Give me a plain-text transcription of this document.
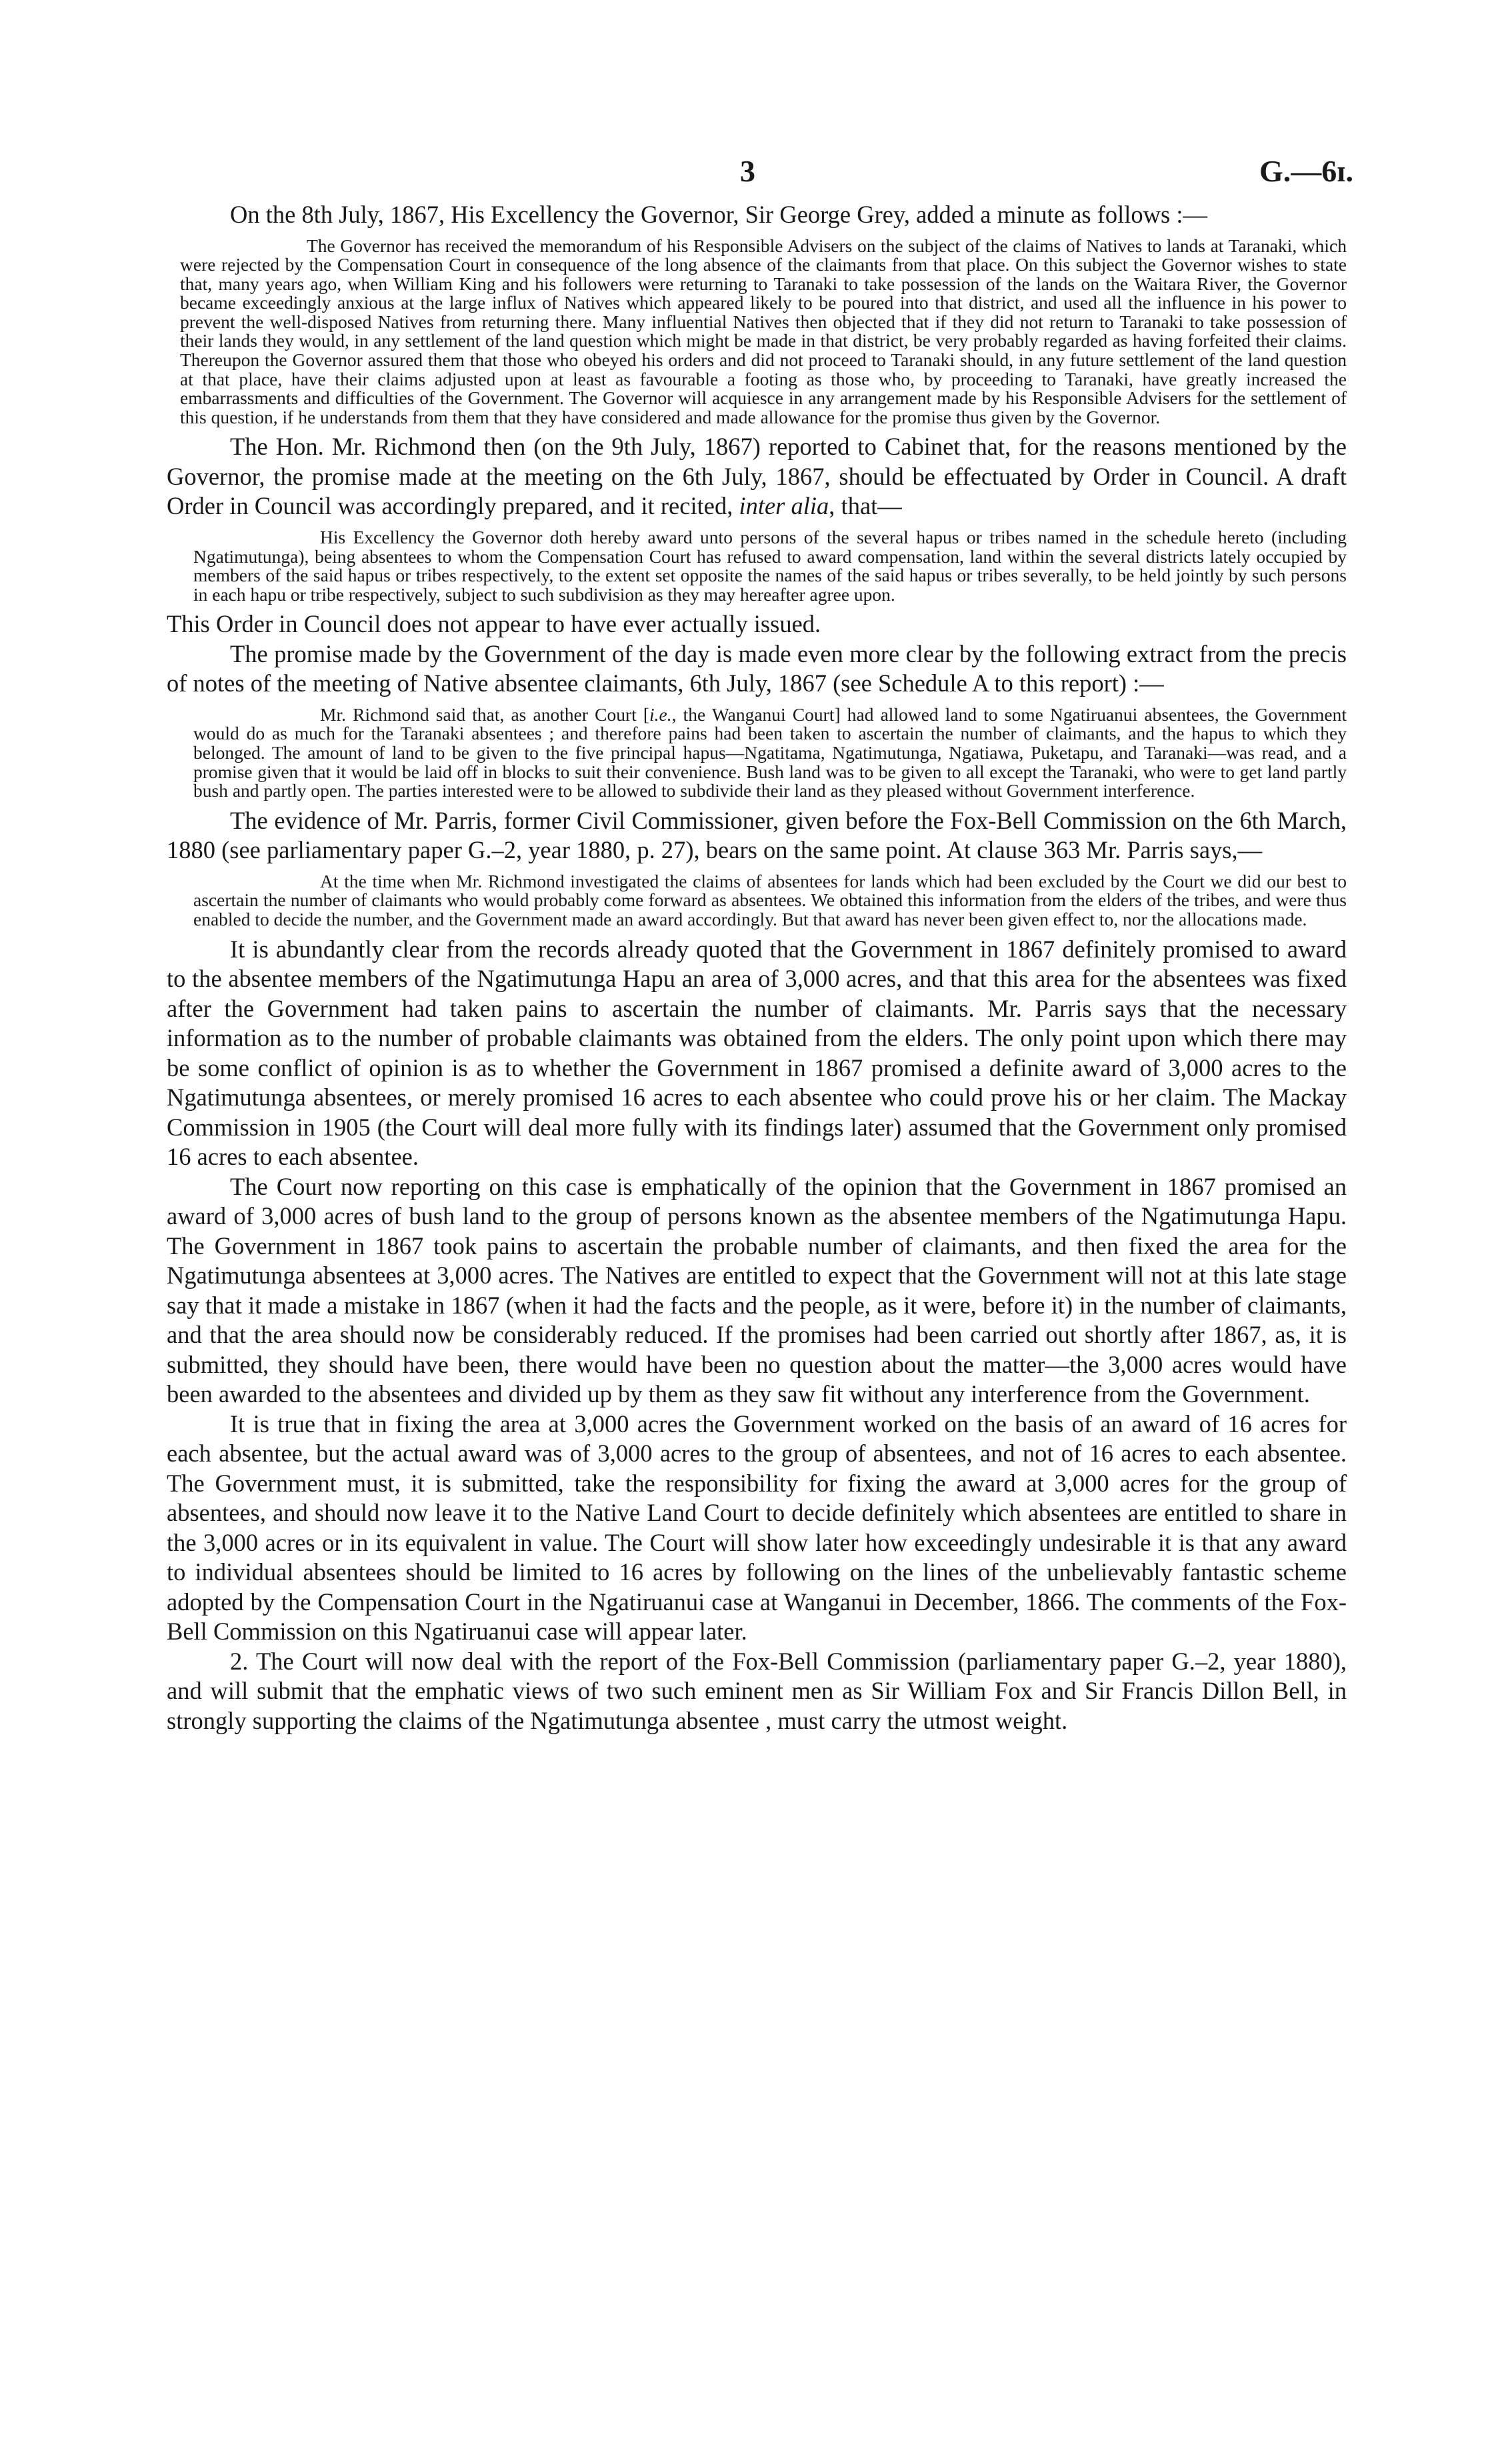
3	G.—6ɪ.

On the 8th July, 1867, His Excellency the Governor, Sir George Grey, added a minute as follows :—

The Governor has received the memorandum of his Responsible Advisers on the subject of the claims of Natives to lands at Taranaki, which were rejected by the Compensation Court in consequence of the long absence of the claimants from that place. On this subject the Governor wishes to state that, many years ago, when William King and his followers were returning to Taranaki to take possession of the lands on the Waitara River, the Governor became exceedingly anxious at the large influx of Natives which appeared likely to be poured into that district, and used all the influence in his power to prevent the well-disposed Natives from returning there. Many influential Natives then objected that if they did not return to Taranaki to take possession of their lands they would, in any settlement of the land question which might be made in that district, be very probably regarded as having forfeited their claims. Thereupon the Governor assured them that those who obeyed his orders and did not proceed to Taranaki should, in any future settlement of the land question at that place, have their claims adjusted upon at least as favourable a footing as those who, by proceeding to Taranaki, have greatly increased the embarrassments and difficulties of the Government. The Governor will acquiesce in any arrangement made by his Responsible Advisers for the settlement of this question, if he understands from them that they have considered and made allowance for the promise thus given by the Governor.

The Hon. Mr. Richmond then (on the 9th July, 1867) reported to Cabinet that, for the reasons mentioned by the Governor, the promise made at the meeting on the 6th July, 1867, should be effectuated by Order in Council. A draft Order in Council was accordingly prepared, and it recited, inter alia, that—

His Excellency the Governor doth hereby award unto persons of the several hapus or tribes named in the schedule hereto (including Ngatimutunga), being absentees to whom the Compensation Court has refused to award compensation, land within the several districts lately occupied by members of the said hapus or tribes respectively, to the extent set opposite the names of the said hapus or tribes severally, to be held jointly by such persons in each hapu or tribe respectively, subject to such subdivision as they may hereafter agree upon.

This Order in Council does not appear to have ever actually issued.

The promise made by the Government of the day is made even more clear by the following extract from the precis of notes of the meeting of Native absentee claimants, 6th July, 1867 (see Schedule A to this report) :—

Mr. Richmond said that, as another Court [i.e., the Wanganui Court] had allowed land to some Ngatiruanui absentees, the Government would do as much for the Taranaki absentees ; and therefore pains had been taken to ascertain the number of claimants, and the hapus to which they belonged. The amount of land to be given to the five principal hapus—Ngatitama, Ngatimutunga, Ngatiawa, Puketapu, and Taranaki—was read, and a promise given that it would be laid off in blocks to suit their convenience. Bush land was to be given to all except the Taranaki, who were to get land partly bush and partly open. The parties interested were to be allowed to subdivide their land as they pleased without Government interference.

The evidence of Mr. Parris, former Civil Commissioner, given before the Fox-Bell Commission on the 6th March, 1880 (see parliamentary paper G.–2, year 1880, p. 27), bears on the same point. At clause 363 Mr. Parris says,—

At the time when Mr. Richmond investigated the claims of absentees for lands which had been excluded by the Court we did our best to ascertain the number of claimants who would probably come forward as absentees. We obtained this information from the elders of the tribes, and were thus enabled to decide the number, and the Government made an award accordingly. But that award has never been given effect to, nor the allocations made.

It is abundantly clear from the records already quoted that the Government in 1867 definitely promised to award to the absentee members of the Ngatimutunga Hapu an area of 3,000 acres, and that this area for the absentees was fixed after the Government had taken pains to ascertain the number of claimants. Mr. Parris says that the necessary information as to the number of probable claimants was obtained from the elders. The only point upon which there may be some conflict of opinion is as to whether the Government in 1867 promised a definite award of 3,000 acres to the Ngatimutunga absentees, or merely promised 16 acres to each absentee who could prove his or her claim. The Mackay Commission in 1905 (the Court will deal more fully with its findings later) assumed that the Government only promised 16 acres to each absentee.

The Court now reporting on this case is emphatically of the opinion that the Government in 1867 promised an award of 3,000 acres of bush land to the group of persons known as the absentee members of the Ngatimutunga Hapu. The Government in 1867 took pains to ascertain the probable number of claimants, and then fixed the area for the Ngatimutunga absentees at 3,000 acres. The Natives are entitled to expect that the Government will not at this late stage say that it made a mistake in 1867 (when it had the facts and the people, as it were, before it) in the number of claimants, and that the area should now be considerably reduced. If the promises had been carried out shortly after 1867, as, it is submitted, they should have been, there would have been no question about the matter—the 3,000 acres would have been awarded to the absentees and divided up by them as they saw fit without any interference from the Government.

It is true that in fixing the area at 3,000 acres the Government worked on the basis of an award of 16 acres for each absentee, but the actual award was of 3,000 acres to the group of absentees, and not of 16 acres to each absentee. The Government must, it is submitted, take the responsibility for fixing the award at 3,000 acres for the group of absentees, and should now leave it to the Native Land Court to decide definitely which absentees are entitled to share in the 3,000 acres or in its equivalent in value. The Court will show later how exceedingly undesirable it is that any award to individual absentees should be limited to 16 acres by following on the lines of the unbelievably fantastic scheme adopted by the Compensation Court in the Ngatiruanui case at Wanganui in December, 1866. The comments of the Fox-Bell Commission on this Ngatiruanui case will appear later.

2. The Court will now deal with the report of the Fox-Bell Commission (parliamentary paper G.–2, year 1880), and will submit that the emphatic views of two such eminent men as Sir William Fox and Sir Francis Dillon Bell, in strongly supporting the claims of the Ngatimutunga absentee , must carry the utmost weight.
